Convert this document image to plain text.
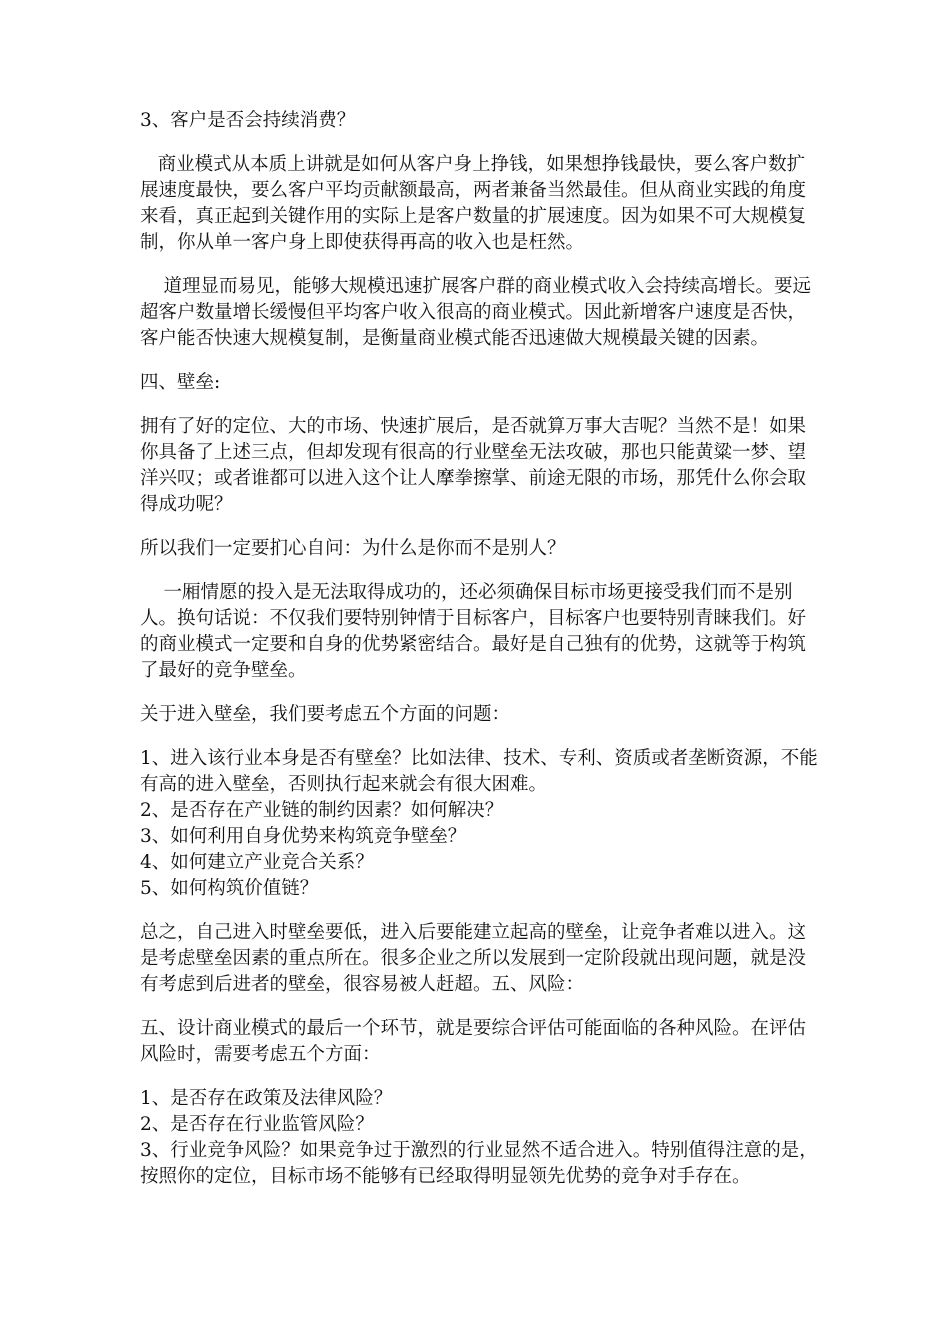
3、客户是否会持续消费？

商业模式从本质上讲就是如何从客户身上挣钱，如果想挣钱最快，要么客户数扩展速度最快，要么客户平均贡献额最高，两者兼备当然最佳。但从商业实践的角度来看，真正起到关键作用的实际上是客户数量的扩展速度。因为如果不可大规模复制，你从单一客户身上即使获得再高的收入也是枉然。

道理显而易见，能够大规模迅速扩展客户群的商业模式收入会持续高增长。要远超客户数量增长缓慢但平均客户收入很高的商业模式。因此新增客户速度是否快，客户能否快速大规模复制，是衡量商业模式能否迅速做大规模最关键的因素。

四、壁垒:

拥有了好的定位、大的市场、快速扩展后，是否就算万事大吉呢？当然不是！如果你具备了上述三点，但却发现有很高的行业壁垒无法攻破，那也只能黄粱一梦、望洋兴叹；或者谁都可以进入这个让人摩拳擦掌、前途无限的市场，那凭什么你会取得成功呢？

所以我们一定要扪心自问：为什么是你而不是别人？

一厢情愿的投入是无法取得成功的，还必须确保目标市场更接受我们而不是别人。换句话说：不仅我们要特别钟情于目标客户，目标客户也要特别青睐我们。好的商业模式一定要和自身的优势紧密结合。最好是自己独有的优势，这就等于构筑了最好的竞争壁垒。

关于进入壁垒，我们要考虑五个方面的问题：

1、进入该行业本身是否有壁垒？比如法律、技术、专利、资质或者垄断资源，不能有高的进入壁垒，否则执行起来就会有很大困难。
2、是否存在产业链的制约因素？如何解决？
3、如何利用自身优势来构筑竞争壁垒？
4、如何建立产业竞合关系？
5、如何构筑价值链？

总之，自己进入时壁垒要低，进入后要能建立起高的壁垒，让竞争者难以进入。这是考虑壁垒因素的重点所在。很多企业之所以发展到一定阶段就出现问题，就是没有考虑到后进者的壁垒，很容易被人赶超。五、风险：

五、设计商业模式的最后一个环节，就是要综合评估可能面临的各种风险。在评估风险时，需要考虑五个方面：

1、是否存在政策及法律风险？
2、是否存在行业监管风险？
3、行业竞争风险？如果竞争过于激烈的行业显然不适合进入。特别值得注意的是，按照你的定位，目标市场不能够有已经取得明显领先优势的竞争对手存在。
